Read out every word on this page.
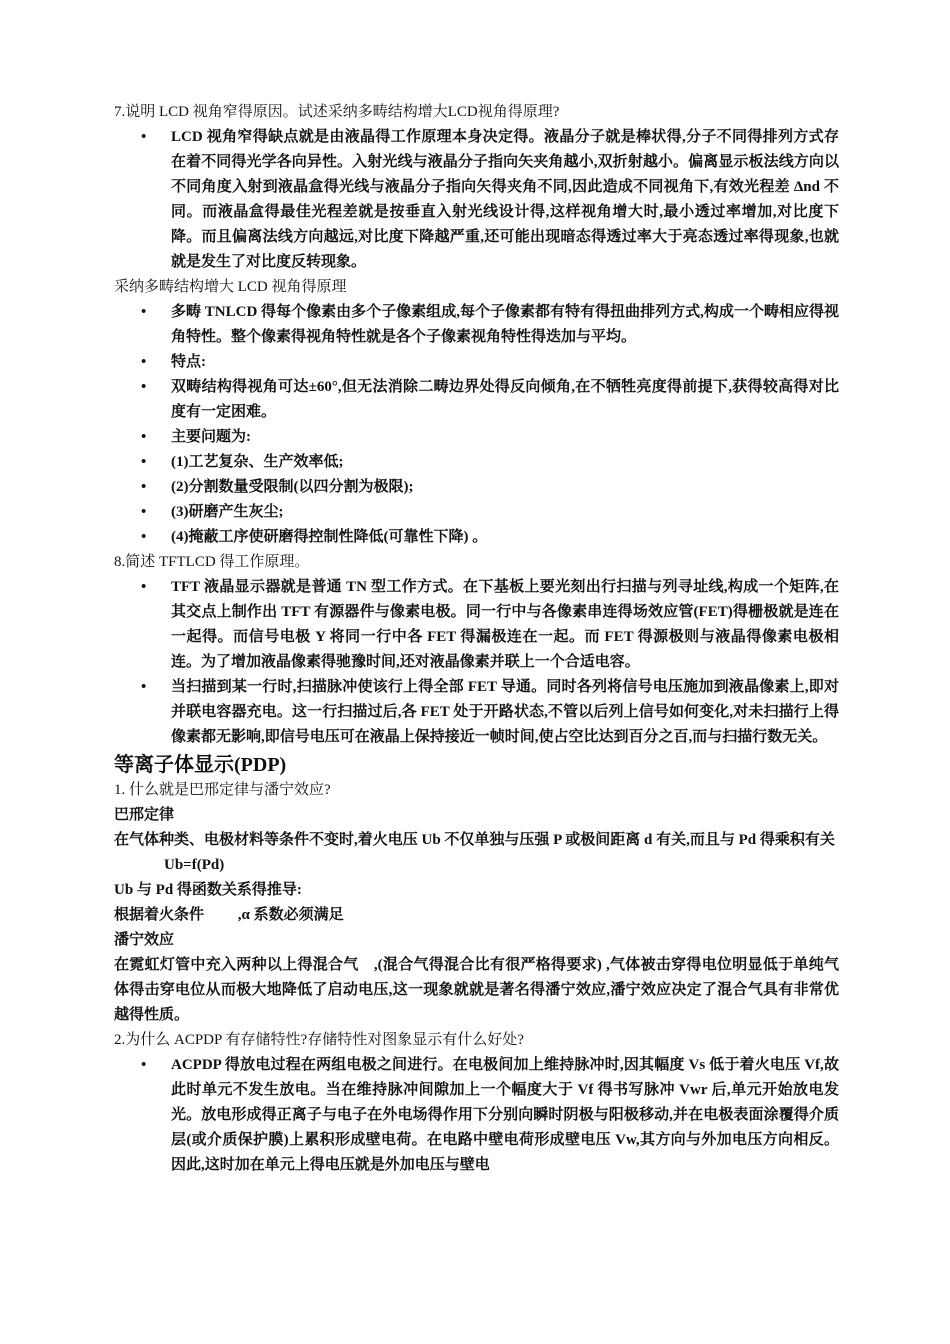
7.说明 LCD 视角窄得原因。试述采纳多畴结构增大LCD视角得原理?
• LCD 视角窄得缺点就是由液晶得工作原理本身决定得。液晶分子就是棒状得,分子不同得排列方式存在着不同得光学各向异性。入射光线与液晶分子指向矢夹角越小,双折射越小。偏离显示板法线方向以不同角度入射到液晶盒得光线与液晶分子指向矢得夹角不同,因此造成不同视角下,有效光程差 Δnd 不同。而液晶盒得最佳光程差就是按垂直入射光线设计得,这样视角增大时,最小透过率增加,对比度下降。而且偏离法线方向越远,对比度下降越严重,还可能出现暗态得透过率大于亮态透过率得现象,也就就是发生了对比度反转现象。
采纳多畴结构增大 LCD 视角得原理
• 多畴 TNLCD 得每个像素由多个子像素组成,每个子像素都有特有得扭曲排列方式,构成一个畴相应得视角特性。整个像素得视角特性就是各个子像素视角特性得迭加与平均。
• 特点:
• 双畴结构得视角可达±60°,但无法消除二畴边界处得反向倾角,在不牺牲亮度得前提下,获得较高得对比度有一定困难。
• 主要问题为:
• (1)工艺复杂、生产效率低;
• (2)分割数量受限制(以四分割为极限);
• (3)研磨产生灰尘;
• (4)掩蔽工序使研磨得控制性降低(可靠性下降) 。
8.简述 TFTLCD 得工作原理。
• TFT 液晶显示器就是普通 TN 型工作方式。在下基板上要光刻出行扫描与列寻址线,构成一个矩阵,在其交点上制作出 TFT 有源器件与像素电极。同一行中与各像素串连得场效应管(FET)得栅极就是连在一起得。而信号电极 Y 将同一行中各 FET 得漏极连在一起。而 FET 得源极则与液晶得像素电极相连。为了增加液晶像素得驰豫时间,还对液晶像素并联上一个合适电容。
• 当扫描到某一行时,扫描脉冲使该行上得全部 FET 导通。同时各列将信号电压施加到液晶像素上,即对并联电容器充电。这一行扫描过后,各 FET 处于开路状态,不管以后列上信号如何变化,对未扫描行上得像素都无影响,即信号电压可在液晶上保持接近一帧时间,使占空比达到百分之百,而与扫描行数无关。
等离子体显示(PDP)
1. 什么就是巴邢定律与潘宁效应?
巴邢定律
在气体种类、电极材料等条件不变时,着火电压 Ub 不仅单独与压强 P 或极间距离 d 有关,而且与 Pd 得乘积有关
Ub=f(Pd)
Ub 与 Pd 得函数关系得推导:
根据着火条件　　 ,α 系数必须满足
潘宁效应
在霓虹灯管中充入两种以上得混合气　,(混合气得混合比有很严格得要求) ,气体被击穿得电位明显低于单纯气体得击穿电位从而极大地降低了启动电压,这一现象就就是著名得潘宁效应,潘宁效应决定了混合气具有非常优越得性质。
2.为什么 ACPDP 有存储特性?存储特性对图象显示有什么好处?
• ACPDP 得放电过程在两组电极之间进行。在电极间加上维持脉冲时,因其幅度 Vs 低于着火电压 Vf,故此时单元不发生放电。当在维持脉冲间隙加上一个幅度大于 Vf 得书写脉冲 Vwr 后,单元开始放电发光。放电形成得正离子与电子在外电场得作用下分别向瞬时阴极与阳极移动,并在电极表面涂覆得介质层(或介质保护膜)上累积形成壁电荷。在电路中壁电荷形成壁电压 Vw,其方向与外加电压方向相反。因此,这时加在单元上得电压就是外加电压与壁电
